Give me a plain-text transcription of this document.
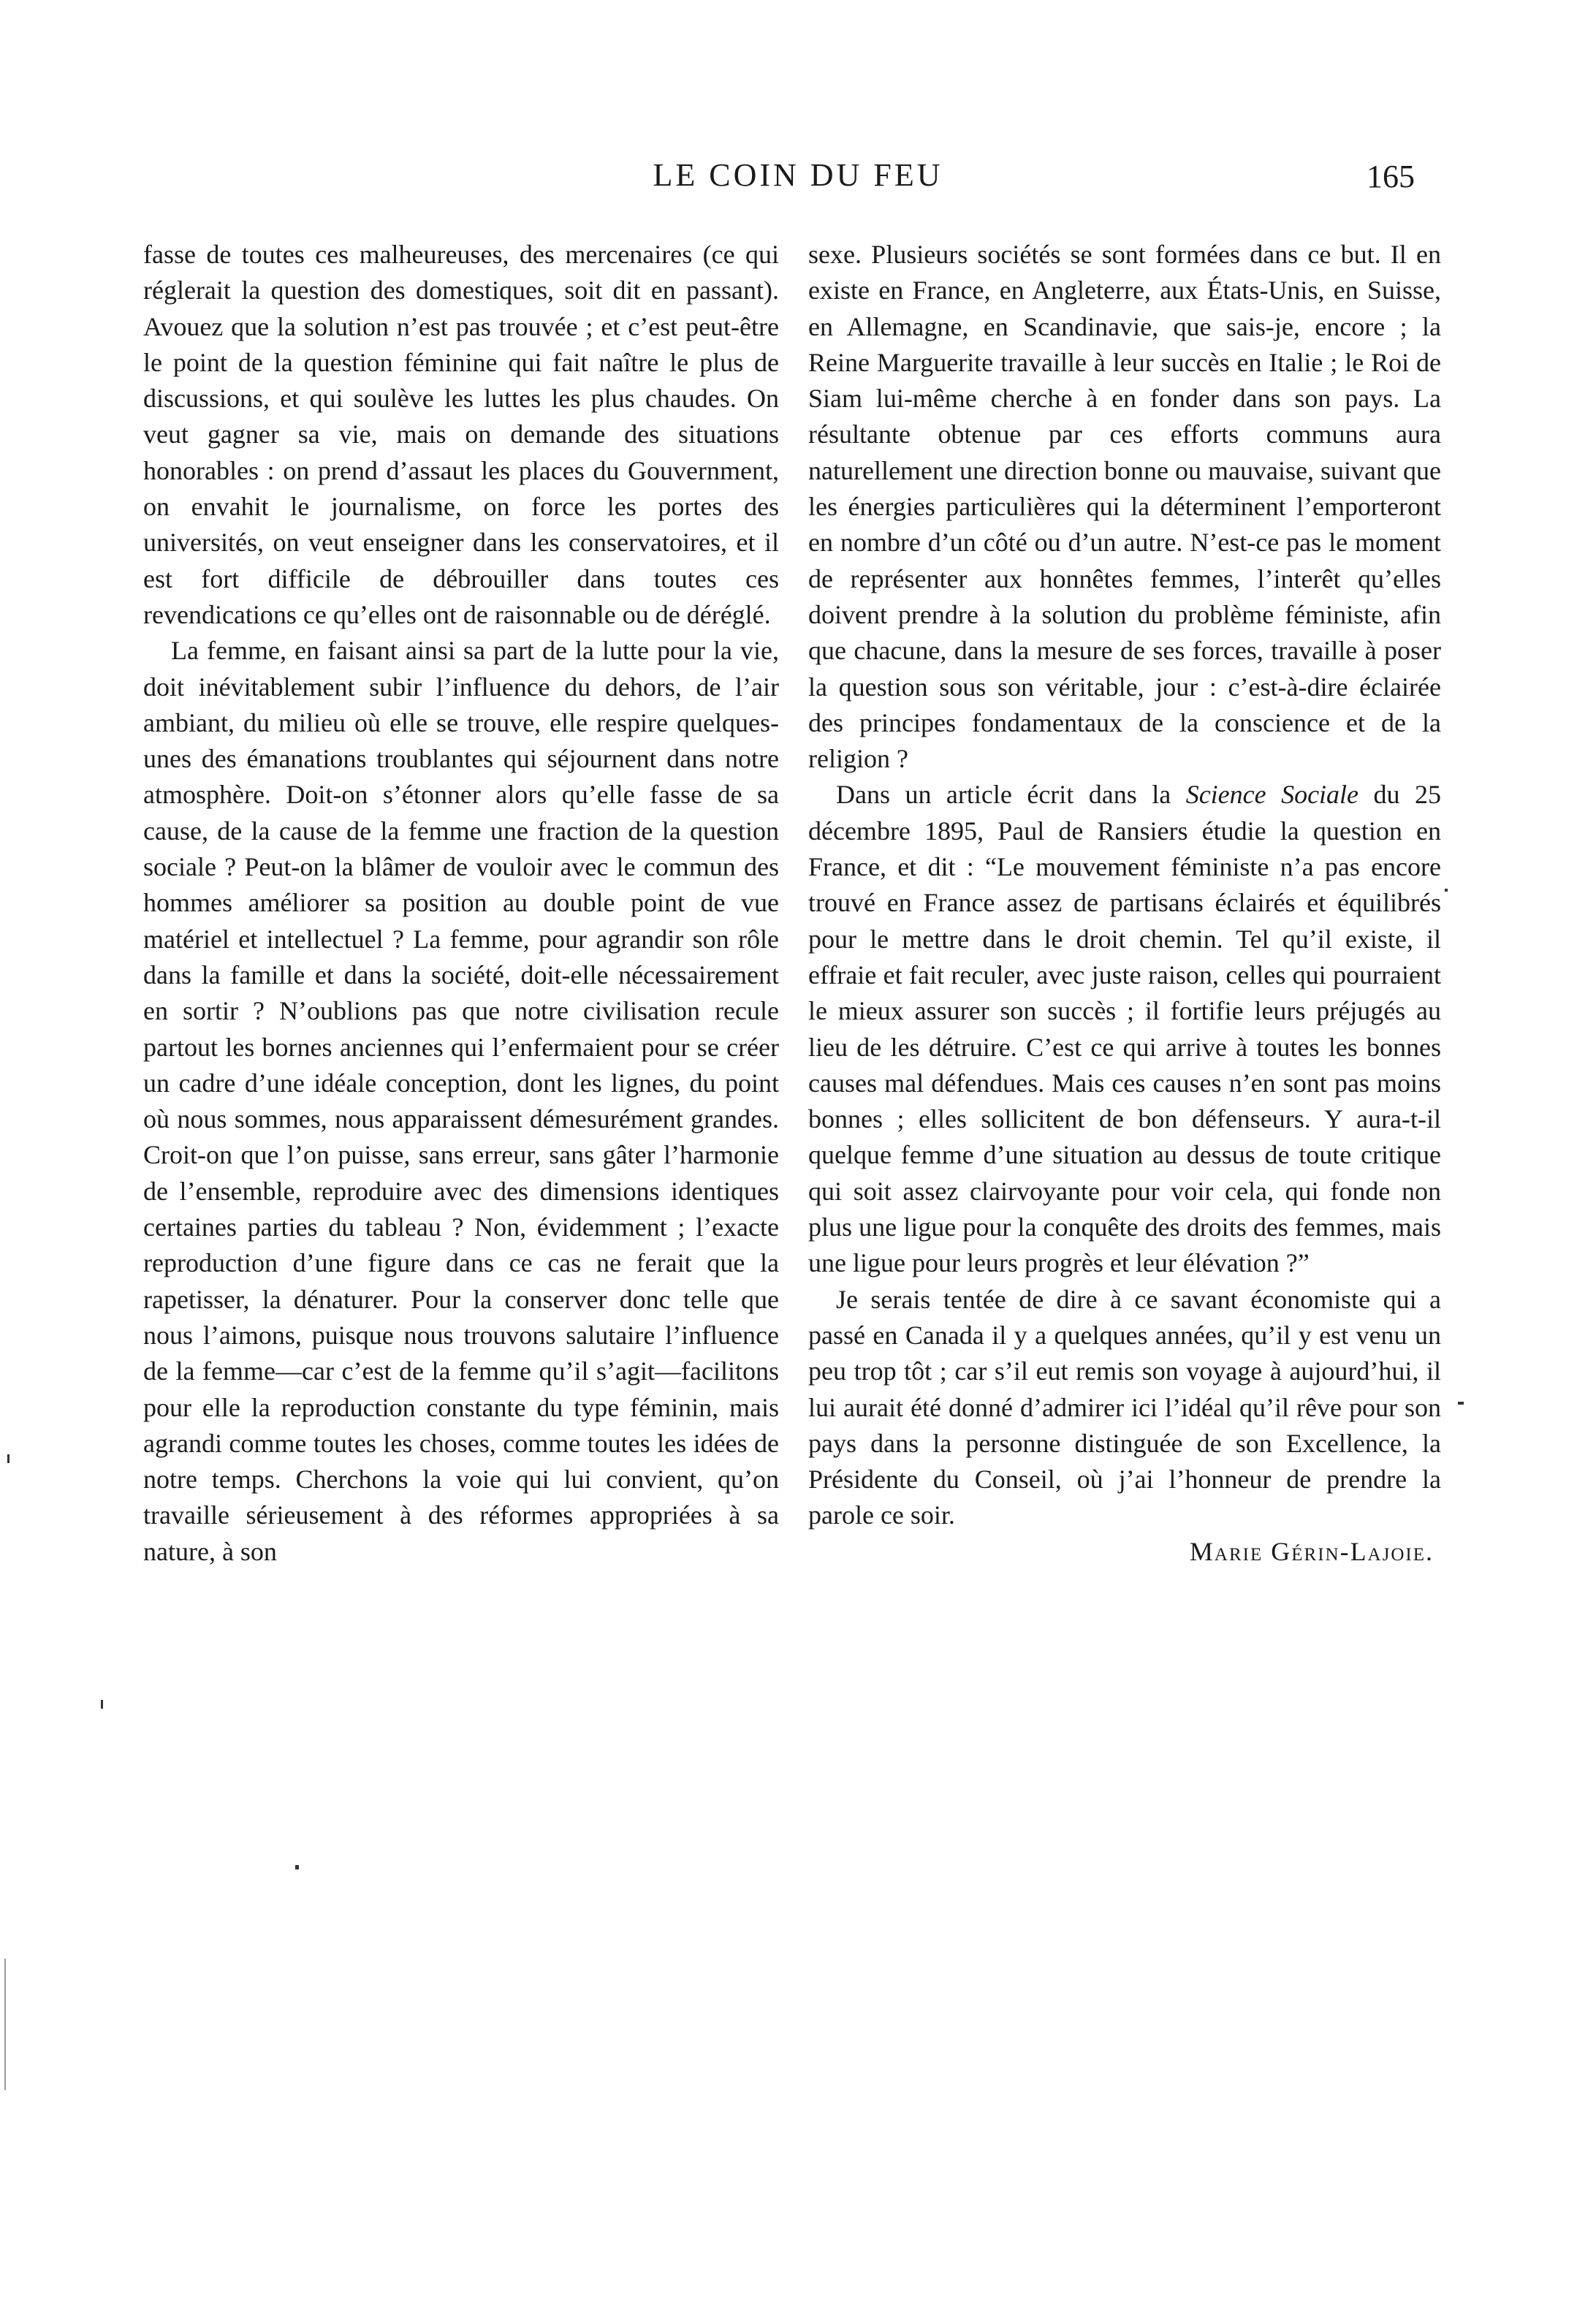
LE COIN DU FEU	165

fasse de toutes ces malheureuses, des mercenaires (ce qui réglerait la question des domestiques, soit dit en passant). Avouez que la solution n’est pas trouvée ; et c’est peut-être le point de la question féminine qui fait naître le plus de discussions, et qui soulève les luttes les plus chaudes. On veut gagner sa vie, mais on demande des situations honorables : on prend d’assaut les places du Gouvernment, on envahit le journalisme, on force les portes des universités, on veut enseigner dans les conservatoires, et il est fort difficile de débrouiller dans toutes ces revendications ce qu’elles ont de raisonnable ou de déréglé.

La femme, en faisant ainsi sa part de la lutte pour la vie, doit inévitablement subir l’influence du dehors, de l’air ambiant, du milieu où elle se trouve, elle respire quelques-unes des émanations troublantes qui séjournent dans notre atmosphère. Doit-on s’étonner alors qu’elle fasse de sa cause, de la cause de la femme une fraction de la question sociale ? Peut-on la blâmer de vouloir avec le commun des hommes améliorer sa position au double point de vue matériel et intellectuel ? La femme, pour agrandir son rôle dans la famille et dans la société, doit-elle nécessairement en sortir ? N’oublions pas que notre civilisation recule partout les bornes anciennes qui l’enfermaient pour se créer un cadre d’une idéale conception, dont les lignes, du point où nous sommes, nous apparaissent démesurément grandes. Croit-on que l’on puisse, sans erreur, sans gâter l’harmonie de l’ensemble, reproduire avec des dimensions identiques certaines parties du tableau ? Non, évidemment ; l’exacte reproduction d’une figure dans ce cas ne ferait que la rapetisser, la dénaturer. Pour la conserver donc telle que nous l’aimons, puisque nous trouvons salutaire l’influence de la femme—car c’est de la femme qu’il s’agit—facilitons pour elle la reproduction constante du type féminin, mais agrandi comme toutes les choses, comme toutes les idées de notre temps. Cherchons la voie qui lui convient, qu’on travaille sérieusement à des réformes appropriées à sa nature, à son

sexe. Plusieurs sociétés se sont formées dans ce but. Il en existe en France, en Angleterre, aux États-Unis, en Suisse, en Allemagne, en Scandinavie, que sais-je, encore ; la Reine Marguerite travaille à leur succès en Italie ; le Roi de Siam lui-même cherche à en fonder dans son pays. La résultante obtenue par ces efforts communs aura naturellement une direction bonne ou mauvaise, suivant que les énergies particulières qui la déterminent l’emporteront en nombre d’un côté ou d’un autre. N’est-ce pas le moment de représenter aux honnêtes femmes, l’interêt qu’elles doivent prendre à la solution du problème féministe, afin que chacune, dans la mesure de ses forces, travaille à poser la question sous son véritable, jour : c’est-à-dire éclairée des principes fondamentaux de la conscience et de la religion ?

Dans un article écrit dans la Science Sociale du 25 décembre 1895, Paul de Ransiers étudie la question en France, et dit : “Le mouvement féministe n’a pas encore trouvé en France assez de partisans éclairés et équilibrés pour le mettre dans le droit chemin. Tel qu’il existe, il effraie et fait reculer, avec juste raison, celles qui pourraient le mieux assurer son succès ; il fortifie leurs préjugés au lieu de les détruire. C’est ce qui arrive à toutes les bonnes causes mal défendues. Mais ces causes n’en sont pas moins bonnes ; elles sollicitent de bon défenseurs. Y aura-t-il quelque femme d’une situation au dessus de toute critique qui soit assez clairvoyante pour voir cela, qui fonde non plus une ligue pour la conquête des droits des femmes, mais une ligue pour leurs progrès et leur élévation ?”

Je serais tentée de dire à ce savant économiste qui a passé en Canada il y a quelques années, qu’il y est venu un peu trop tôt ; car s’il eut remis son voyage à aujourd’hui, il lui aurait été donné d’admirer ici l’idéal qu’il rêve pour son pays dans la personne distinguée de son Excellence, la Présidente du Conseil, où j’ai l’honneur de prendre la parole ce soir.

Marie Gérin-Lajoie.
